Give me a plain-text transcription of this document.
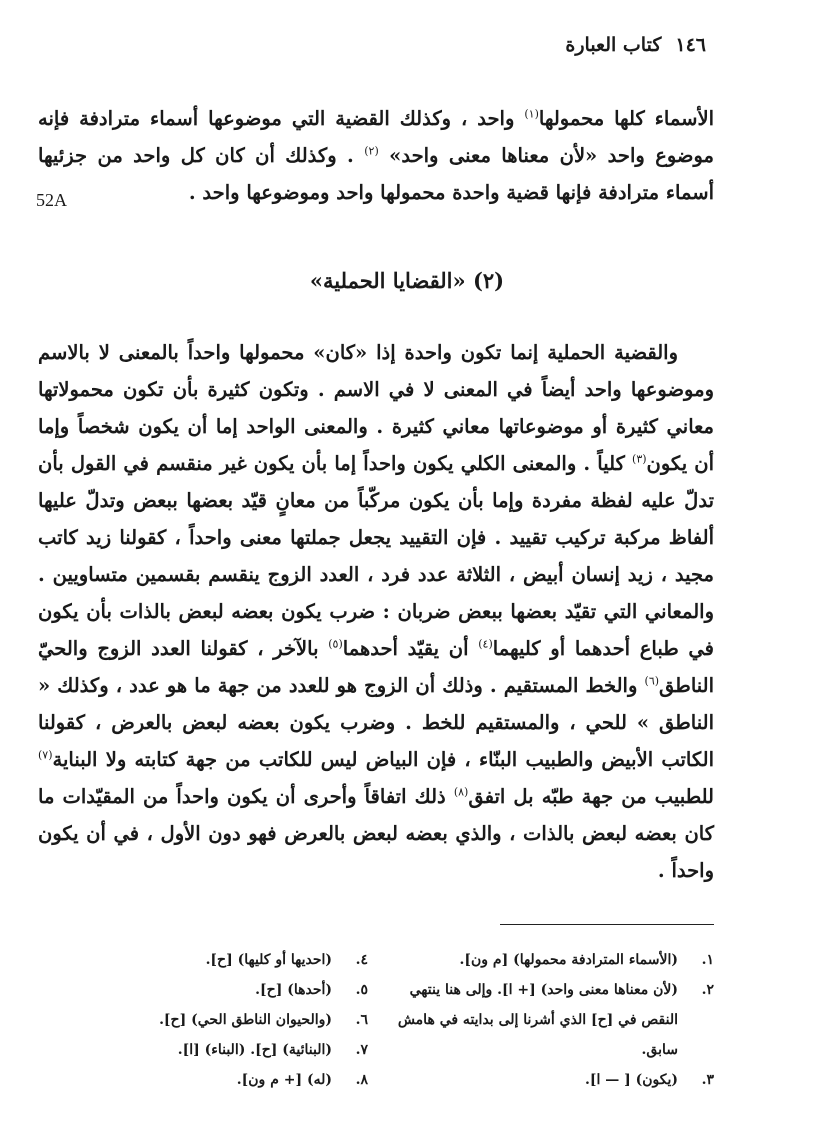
١٤٦
كتاب العبارة
52A

الأسماء كلها محمولها$^{(١)}$ واحد ، وكذلك القضية التي موضوعها أسماء مترادفة فإنه موضوع واحد «لأن معناها معنى واحد» $^{(٢)}$ . وكذلك أن كان كل واحد من جزئيها أسماء مترادفة فإنها قضية واحدة محمولها واحد وموضوعها واحد .

(٢) «القضايا الحملية»

والقضية الحملية إنما تكون واحدة إذا «كان» محمولها واحداً بالمعنى لا بالاسم وموضوعها واحد أيضاً في المعنى لا في الاسم . وتكون كثيرة بأن تكون محمولاتها معاني كثيرة أو موضوعاتها معاني كثيرة . والمعنى الواحد إما أن يكون شخصاً وإما أن يكون$^{(٣)}$ كلياً . والمعنى الكلي يكون واحداً إما بأن يكون غير منقسم في القول بأن تدلّ عليه لفظة مفردة وإما بأن يكون مركّباً من معانٍ قيّد بعضها ببعض وتدلّ عليها ألفاظ مركبة تركيب تقييد . فإن التقييد يجعل جملتها معنى واحداً ، كقولنا زيد كاتب مجيد ، زيد إنسان أبيض ، الثلاثة عدد فرد ، العدد الزوج ينقسم بقسمين متساويين . والمعاني التي تقيّد بعضها ببعض ضربان : ضرب يكون بعضه لبعض بالذات بأن يكون في طباع أحدهما أو كليهما$^{(٤)}$ أن يقيّد أحدهما$^{(٥)}$ بالآخر ، كقولنا العدد الزوج والحيّ الناطق$^{(٦)}$ والخط المستقيم . وذلك أن الزوج هو للعدد من جهة ما هو عدد ، وكذلك « الناطق » للحي ، والمستقيم للخط . وضرب يكون بعضه لبعض بالعرض ، كقولنا الكاتب الأبيض والطبيب البنّاء ، فإن البياض ليس للكاتب من جهة كتابته ولا البناية$^{(٧)}$ للطبيب من جهة طبّه بل اتفق$^{(٨)}$ ذلك اتفاقاً وأحرى أن يكون واحداً من المقيّدات ما كان بعضه لبعض بالذات ، والذي بعضه لبعض بالعرض فهو دون الأول ، في أن يكون واحداً .

١.
(الأسماء المترادفة محمولها) [م ون].
٢.
(لأن معناها معنى واحد) [+ ا]. وإلى هنا ينتهي النقص في [ح] الذي أشرنا إلى بدايته في هامش سابق.
٣.
(يكون) [ — ا].
٤.
(احديها أو كليها) [ح].
٥.
(أحدها) [ح].
٦.
(والحيوان الناطق الحي) [ح].
٧.
(البنائية) [ح]. (البناء) [ا].
٨.
(له) [+ م ون].
